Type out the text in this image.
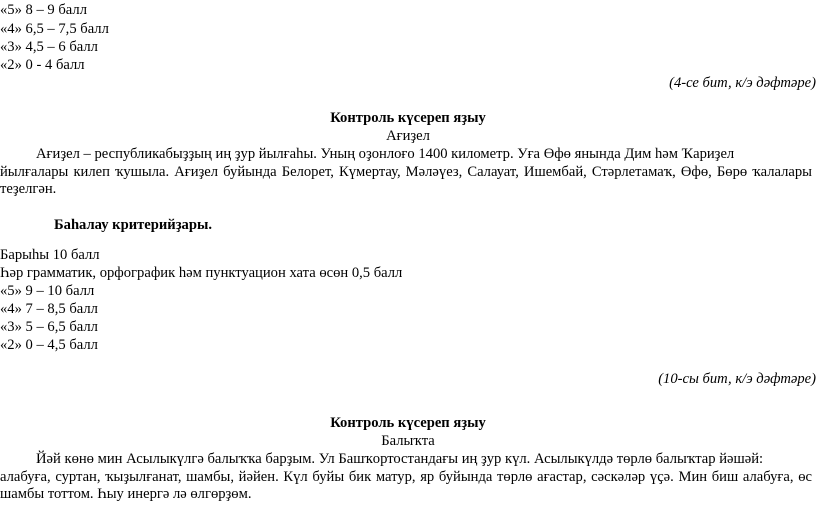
«5» 8 – 9 балл
«4» 6,5 – 7,5 балл
«3» 4,5 – 6 балл
«2» 0 - 4 балл
(4-се бит, к/э дәфтәре)
Контроль күсереп яҙыу
Ағиҙел
Ағиҙел – республикабыҙҙың иң ҙур йылғаһы. Уның оҙонлоғо 1400 километр. Уға Өфө янында Дим һәм Ҡариҙел
йылғалары килеп ҡушыла. Ағиҙел буйында Белорет, Күмертау, Мәләүез, Салауат, Ишембай, Стәрлетамаҡ, Өфө, Бөрө ҡалалары теҙелгән.
Баһалау критерийҙары.
Барыһы 10 балл
Һәр грамматик, орфографик һәм пунктуацион хата өсөн 0,5 балл
«5» 9 – 10 балл
«4» 7 – 8,5 балл
«3» 5 – 6,5 балл
«2» 0 – 4,5 балл
(10-сы бит, к/э дәфтәре)
Контроль күсереп яҙыу
Балыҡта
Йәй көнө мин Асылыкүлгә балыҡҡа барҙым. Ул Башҡортостандағы иң ҙур күл. Асылыкүлдә төрлө балыҡтар йәшәй:
алабуға, суртан, ҡыҙылғанат, шамбы, йәйен. Күл буйы бик матур, яр буйында төрлө ағастар, сәскәләр үҫә. Мин биш алабуға, өс шамбы тоттом. Һыу инергә лә өлгөрҙөм.
